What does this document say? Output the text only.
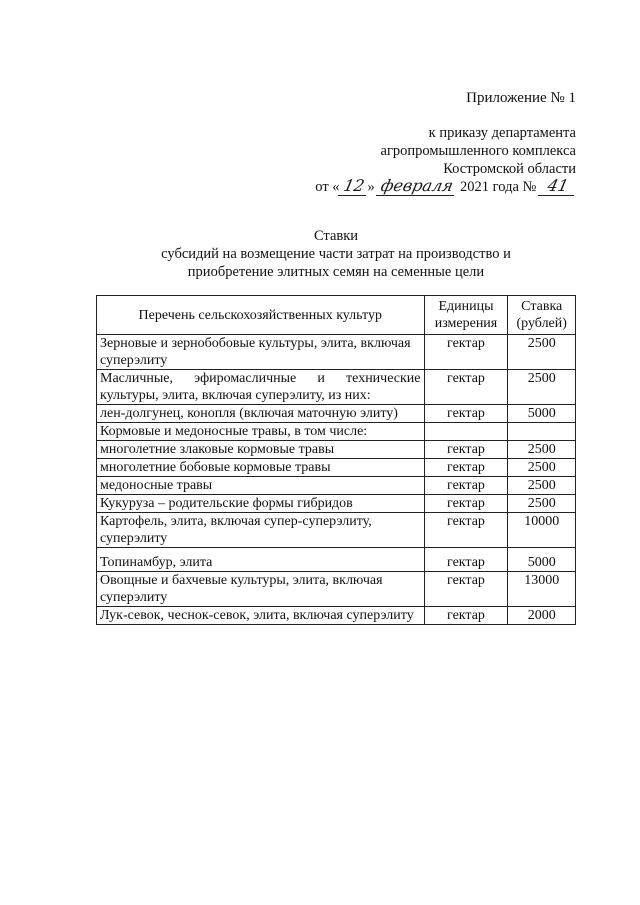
Приложение № 1
к приказу департамента
агропромышленного комплекса
Костромской области
от « 12 » февраля 2021 года № 41
Ставки
субсидий на возмещение части затрат на производство и
приобретение элитных семян на семенные цели
Перечень сельскохозяйственных культур	Единицы измерения	Ставка (рублей)
Зерновые и зернобобовые культуры, элита, включая суперэлиту	гектар	2500
Масличные, эфиромасличные и технические культуры, элита, включая суперэлиту, из них:	гектар	2500
лен-долгунец, конопля (включая маточную элиту)	гектар	5000
Кормовые и медоносные травы, в том числе:		
многолетние злаковые кормовые травы	гектар	2500
многолетние бобовые кормовые травы	гектар	2500
медоносные травы	гектар	2500
Кукуруза – родительские формы гибридов	гектар	2500
Картофель, элита, включая супер-суперэлиту, суперэлиту	гектар	10000
Топинамбур, элита	гектар	5000
Овощные и бахчевые культуры, элита, включая суперэлиту	гектар	13000
Лук-севок, чеснок-севок, элита, включая суперэлиту	гектар	2000
